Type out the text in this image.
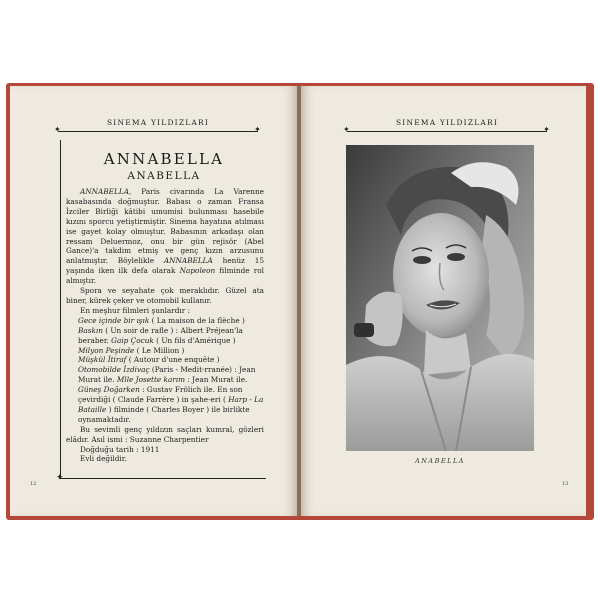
SINEMA YILDIZLARI
✦	✦
SINEMA YILDIZLARI
✦	✦
✦
ANNABELLA
ANABELLA

ANNABELLA, Paris civarında La Varenne kasabasında doğmuştur. Babası o zaman Fransa İzciler Birliği kâtibi umumisi bulunması hasebile kızını sporcu yetiştirmiştir. Sinema hayatına atılması ise gayet kolay olmuştur. Babasının arkadaşı olan ressam Deluermoz, onu bir gün rejisör (Abel Gance)'a takdim etmiş ve genç kızın arzusunu anlatmıştır. Böylelikle ANNABELLA henüz 15 yaşında iken ilk defa olarak Napoleon filminde rol almıştır.

Spora ve seyahate çok meraklıdır. Güzel ata biner, kürek çeker ve otomobil kullanır.

En meşhur filmleri şunlardır :

Gece içinde bir ışık ( La maison de la flèche )

Baskın ( Un soir de rafle ) : Albert Préjean'la beraber. Gaip Çocuk ( Un fils d'Amérique )

Milyon Peşinde ( Le Million )

Müşkül İtiraf ( Autour d'une enquête )

Otomobilde İzdivaç (Paris - Medit-rranée) : Jean Murat ile. Mlle Josette karım : Jean Murat ile.

Güneş Doğarken : Gustav Frölich ile. En son çevirdiği ( Claude Farrère ) in şahe-eri ( Harp - La Bataille ) filminde ( Charles Boyer ) ile birlikte oynamaktadır.

Bu sevimli genç yıldızın saçları kumral, gözleri elâdır. Asıl ismi : Suzanne Charpentier

Doğduğu tarih : 1911

Evli değildir.

12
ANABELLA
13
